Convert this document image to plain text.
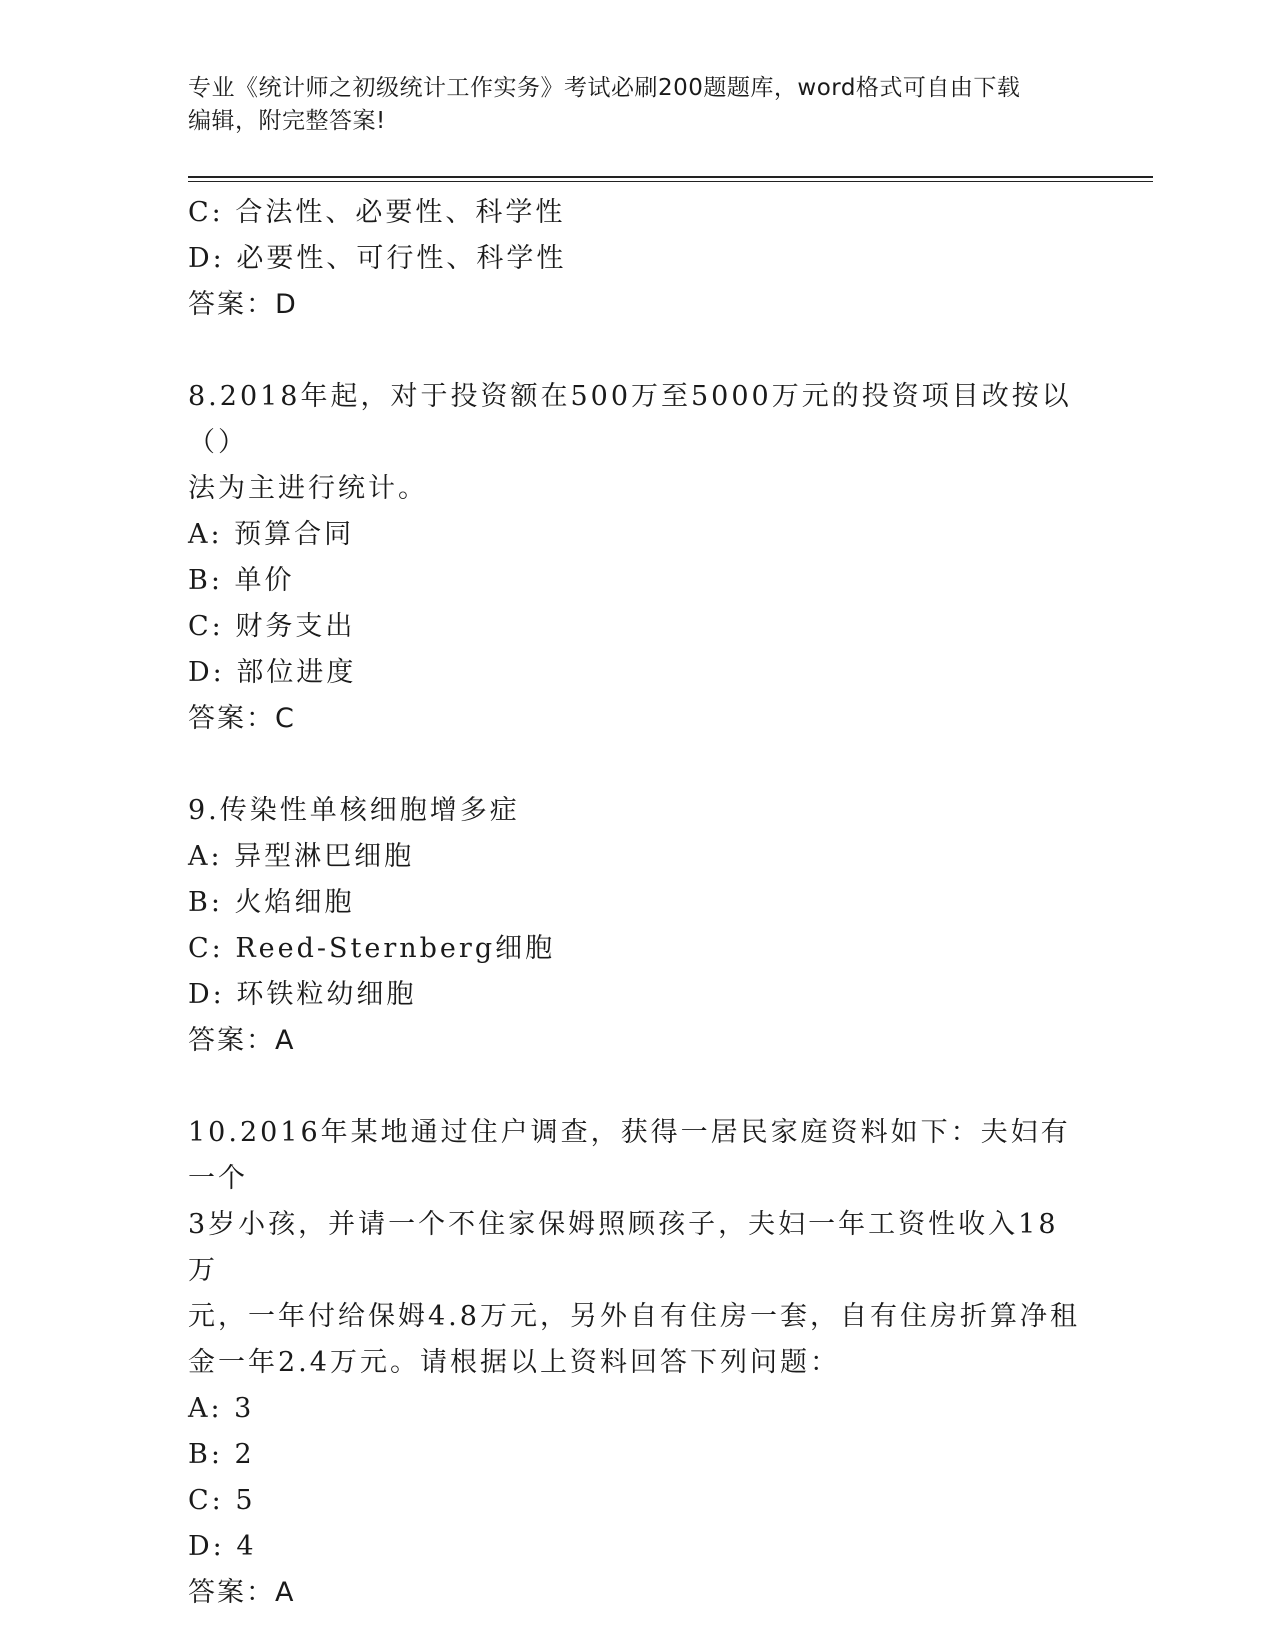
专业《统计师之初级统计工作实务》考试必刷200题题库，word格式可自由下载
编辑，附完整答案!
C: 合法性、必要性、科学性
D: 必要性、可行性、科学性
答案：D
8.2018年起，对于投资额在500万至5000万元的投资项目改按以（）
法为主进行统计。
A: 预算合同
B: 单价
C: 财务支出
D: 部位进度
答案：C
9.传染性单核细胞增多症
A: 异型淋巴细胞
B: 火焰细胞
C: Reed-Sternberg细胞
D: 环铁粒幼细胞
答案：A
10.2016年某地通过住户调查，获得一居民家庭资料如下：夫妇有一个
3岁小孩，并请一个不住家保姆照顾孩子，夫妇一年工资性收入18万
元，一年付给保姆4.8万元，另外自有住房一套，自有住房折算净租
金一年2.4万元。请根据以上资料回答下列问题：
A: 3
B: 2
C: 5
D: 4
答案：A
